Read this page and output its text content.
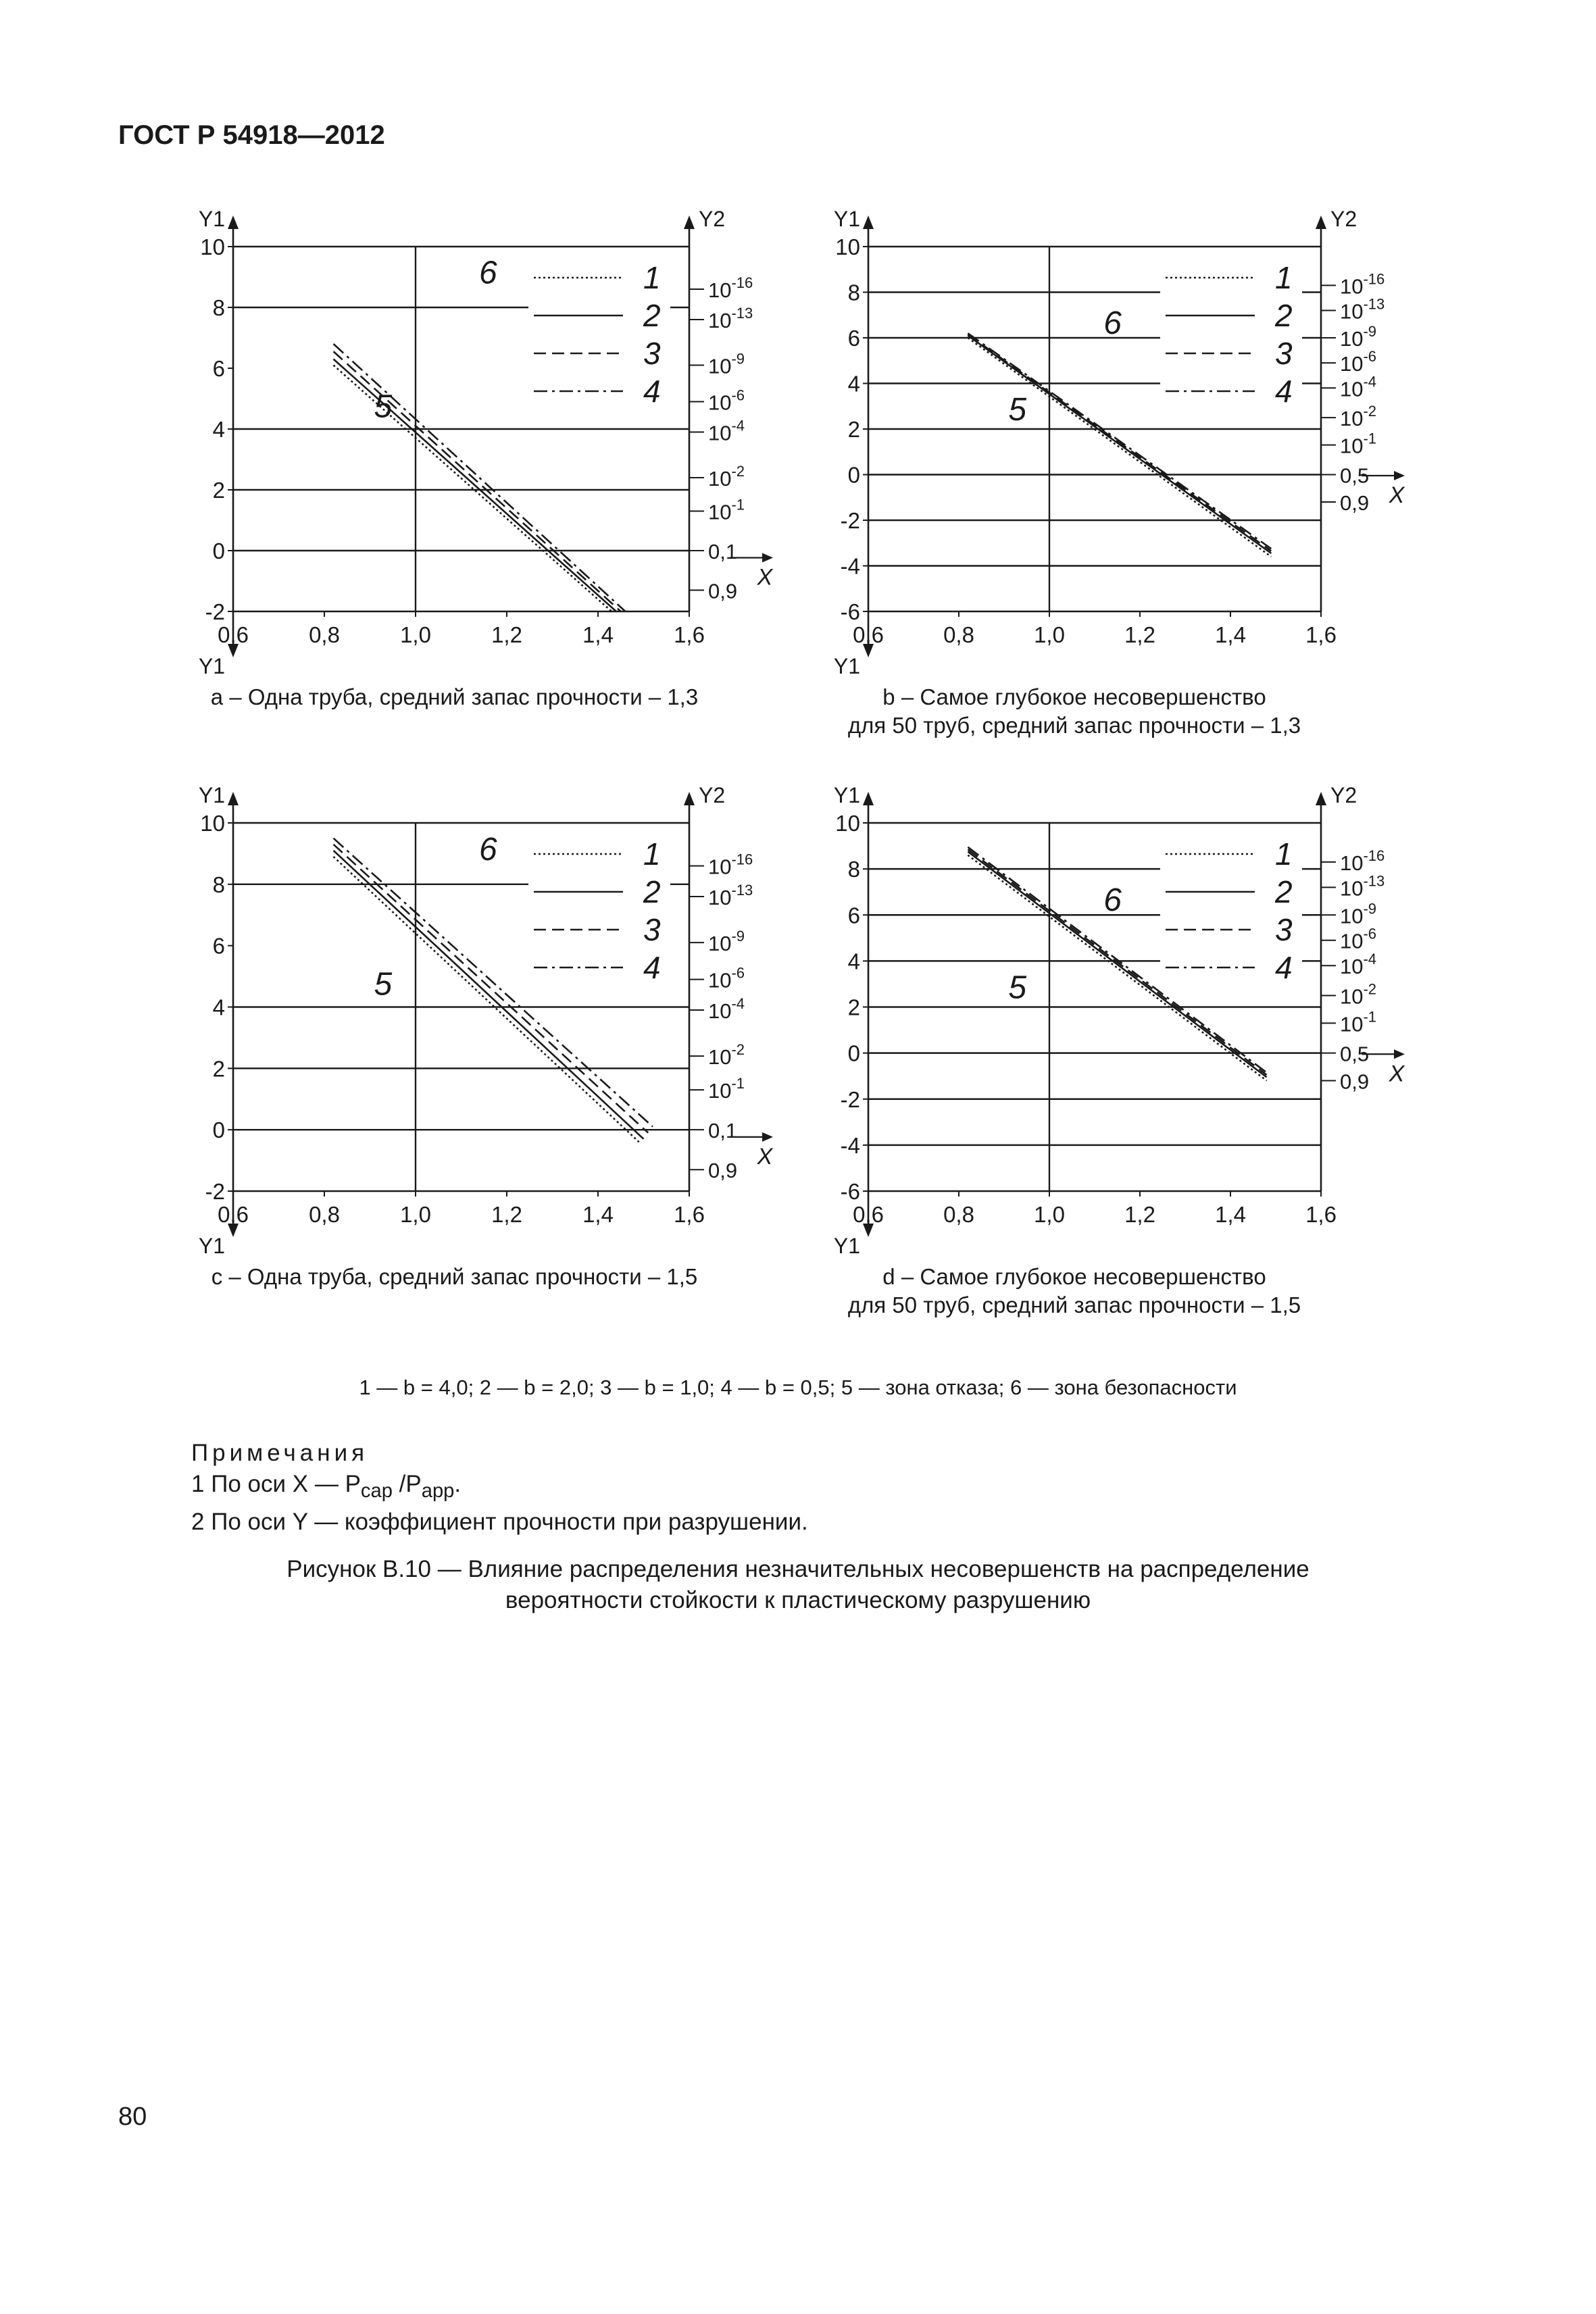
ГОСТ Р 54918—2012
Y1
Y1
Y2
-2
0
2
4
6
8
10
0,6	0,8	1,0	1,2	1,4	1,6
$10^{-16}$
$10^{-13}$
$10^{-9}$
$10^{-6}$
$10^{-4}$
$10^{-2}$
$10^{-1}$
0,1
0,9
X
1
2
3
4
5
6
a – Одна труба, средний запас прочности – 1,3
Y1
Y1
Y2
-6
-4
-2
0
2
4
6
8
10
0,6	0,8	1,0	1,2	1,4	1,6
$10^{-16}$
$10^{-13}$
$10^{-9}$
$10^{-6}$
$10^{-4}$
$10^{-2}$
$10^{-1}$
0,5
0,9 X
1
2
3
4
5
6
b – Самое глубокое несовершенство
для 50 труб, средний запас прочности – 1,3
Y1
Y1
Y2
-2
0
2
4
6
8
10
0,6	0,8	1,0	1,2	1,4	1,6
$10^{-16}$
$10^{-13}$
$10^{-9}$
$10^{-6}$
$10^{-4}$
$10^{-2}$
$10^{-1}$
0,1
0,9
X
1
2
3
4
5
6
c – Одна труба, средний запас прочности – 1,5
Y1
Y1
Y2
-6
-4
-2
0
2
4
6
8
10
0,6	0,8	1,0	1,2	1,4	1,6
$10^{-16}$
$10^{-13}$
$10^{-9}$
$10^{-6}$
$10^{-4}$
$10^{-2}$
$10^{-1}$
0,5
0,9 X
1
2
3
4
5
6
d – Самое глубокое несовершенство
для 50 труб, средний запас прочности – 1,5
1 — b = 4,0; 2 — b = 2,0; 3 — b = 1,0; 4 — b = 0,5; 5 — зона отказа; 6 — зона безопасности
Примечания
1 По оси X — $P_{cap}$ $/P_{app}$.
2 По оси Y — коэффициент прочности при разрушении.
Рисунок В.10 — Влияние распределения незначительных несовершенств на распределение
вероятности стойкости к пластическому разрушению
80
